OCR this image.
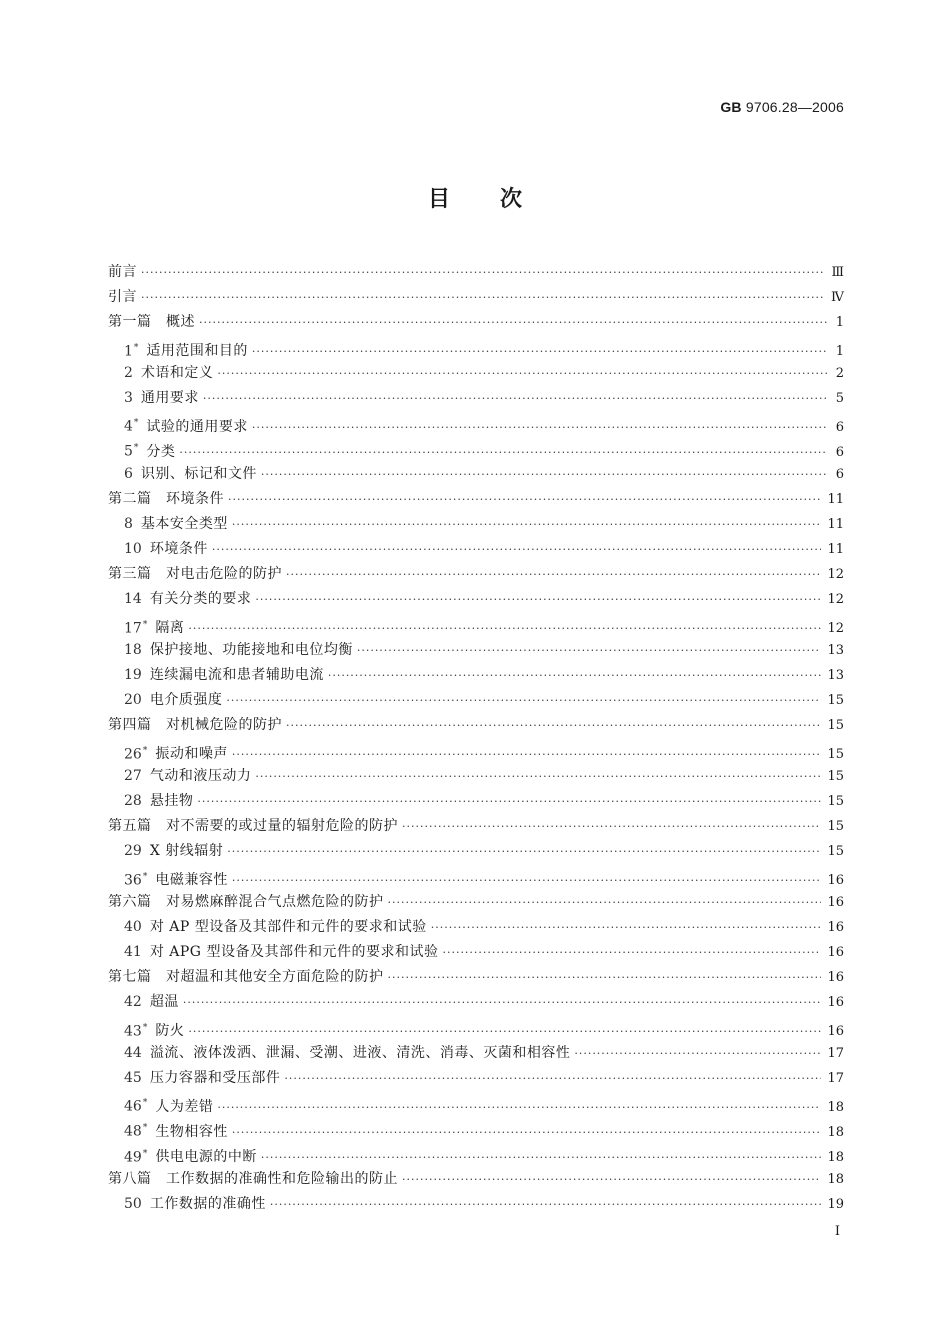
GB 9706.28—2006
目次
前言 ·····	Ⅲ
引言 ·····	Ⅳ
第一篇　概述 ·····	1
1* 适用范围和目的 ·····	1
2 术语和定义 ·····	2
3 通用要求 ·····	5
4* 试验的通用要求 ·····	6
5* 分类 ·····	6
6 识别、标记和文件 ·····	6
第二篇　环境条件 ·····	11
8 基本安全类型 ·····	11
10 环境条件 ·····	11
第三篇　对电击危险的防护 ·····	12
14 有关分类的要求 ·····	12
17* 隔离 ·····	12
18 保护接地、功能接地和电位均衡 ·····	13
19 连续漏电流和患者辅助电流 ·····	13
20 电介质强度 ·····	15
第四篇　对机械危险的防护 ·····	15
26* 振动和噪声 ·····	15
27 气动和液压动力 ·····	15
28 悬挂物 ·····	15
第五篇　对不需要的或过量的辐射危险的防护 ·····	15
29 X 射线辐射 ·····	15
36* 电磁兼容性 ·····	16
第六篇　对易燃麻醉混合气点燃危险的防护 ·····	16
40 对 AP 型设备及其部件和元件的要求和试验 ·····	16
41 对 APG 型设备及其部件和元件的要求和试验 ·····	16
第七篇　对超温和其他安全方面危险的防护 ·····	16
42 超温 ·····	16
43* 防火 ·····	16
44 溢流、液体泼洒、泄漏、受潮、进液、清洗、消毒、灭菌和相容性 ·····	17
45 压力容器和受压部件 ·····	17
46* 人为差错 ·····	18
48* 生物相容性 ·····	18
49* 供电电源的中断 ·····	18
第八篇　工作数据的准确性和危险输出的防止 ·····	18
50 工作数据的准确性 ·····	19
I
